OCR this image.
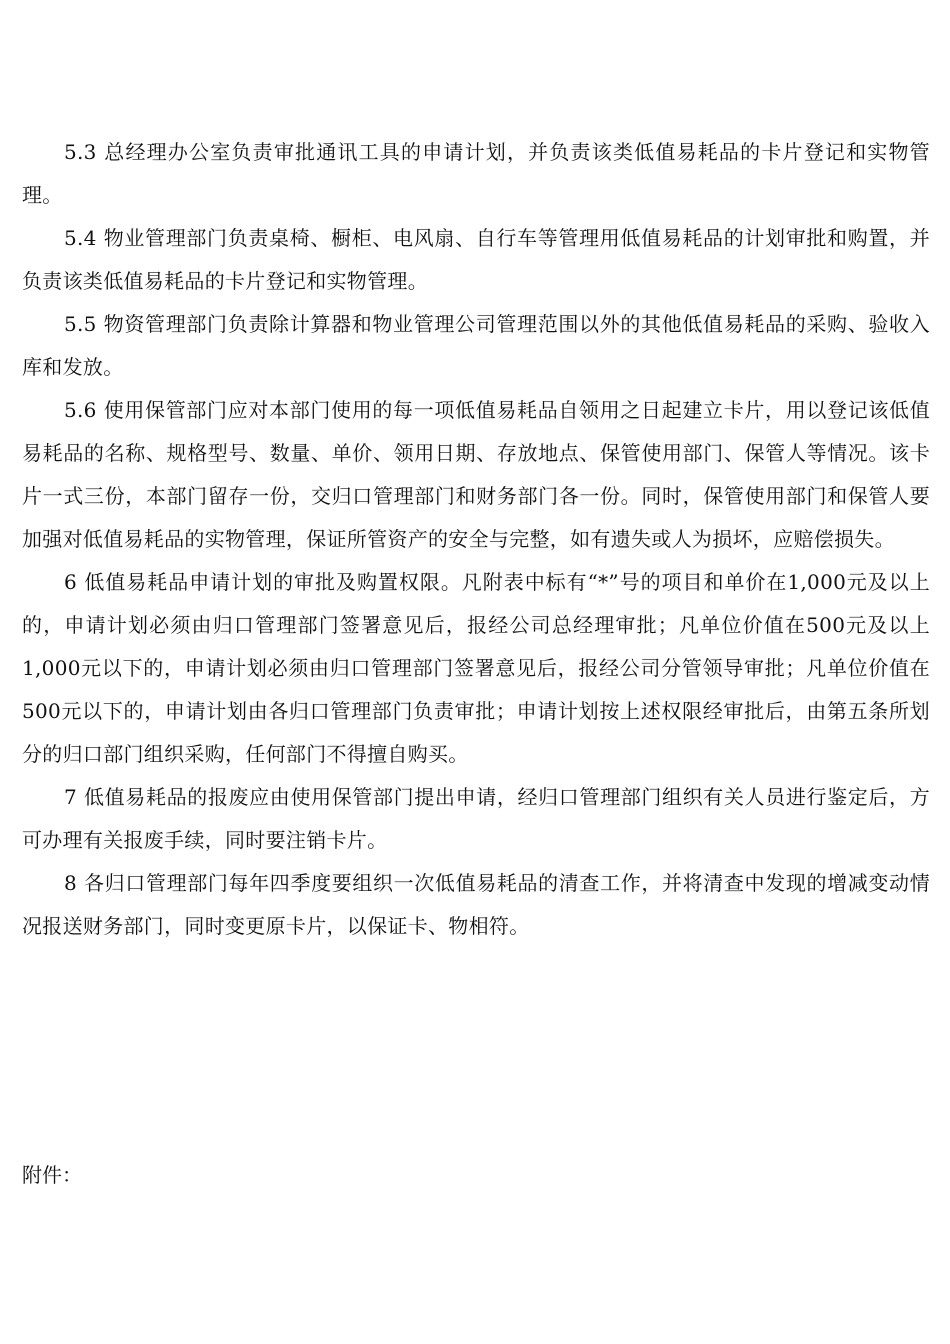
5.3 总经理办公室负责审批通讯工具的申请计划，并负责该类低值易耗品的卡片登记和实物管理。

5.4 物业管理部门负责桌椅、橱柜、电风扇、自行车等管理用低值易耗品的计划审批和购置，并负责该类低值易耗品的卡片登记和实物管理。

5.5 物资管理部门负责除计算器和物业管理公司管理范围以外的其他低值易耗品的采购、验收入库和发放。

5.6 使用保管部门应对本部门使用的每一项低值易耗品自领用之日起建立卡片，用以登记该低值易耗品的名称、规格型号、数量、单价、领用日期、存放地点、保管使用部门、保管人等情况。该卡片一式三份，本部门留存一份，交归口管理部门和财务部门各一份。同时，保管使用部门和保管人要加强对低值易耗品的实物管理，保证所管资产的安全与完整，如有遗失或人为损坏，应赔偿损失。

6 低值易耗品申请计划的审批及购置权限。凡附表中标有“*”号的项目和单价在1,000元及以上的，申请计划必须由归口管理部门签署意见后，报经公司总经理审批；凡单位价值在500元及以上1,000元以下的，申请计划必须由归口管理部门签署意见后，报经公司分管领导审批；凡单位价值在500元以下的，申请计划由各归口管理部门负责审批；申请计划按上述权限经审批后，由第五条所划分的归口部门组织采购，任何部门不得擅自购买。

7 低值易耗品的报废应由使用保管部门提出申请，经归口管理部门组织有关人员进行鉴定后，方可办理有关报废手续，同时要注销卡片。

8 各归口管理部门每年四季度要组织一次低值易耗品的清查工作，并将清查中发现的增减变动情况报送财务部门，同时变更原卡片，以保证卡、物相符。

附件：
